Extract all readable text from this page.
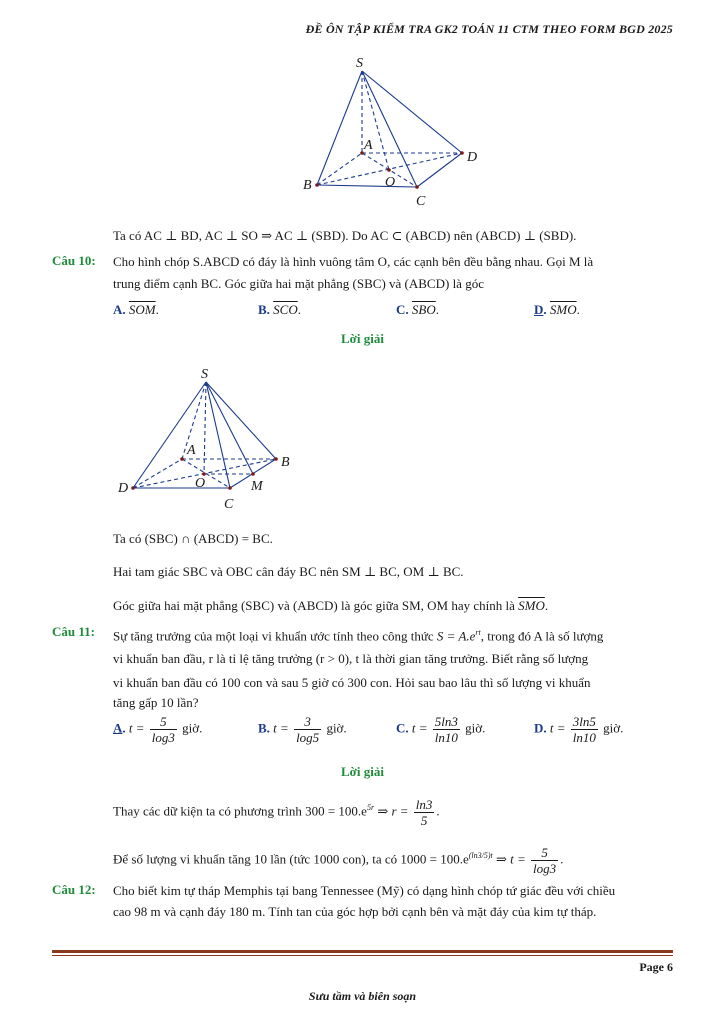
ĐỀ ÔN TẬP KIỂM TRA GK2 TOÁN 11 CTM THEO FORM BGD 2025
S
A
D
B	O
C
Ta có AC ⊥ BD, AC ⊥ SO ⇒ AC ⊥ (SBD). Do AC ⊂ (ABCD) nên (ABCD) ⊥ (SBD).
Câu 10: Cho hình chóp S.ABCD có đáy là hình vuông tâm O, các cạnh bên đều bằng nhau. Gọi M là
trung điểm cạnh BC. Góc giữa hai mặt phẳng (SBC) và (ABCD) là góc
A. $\overline{SOM}$.	B. $\overline{SCO}$.	C. $\overline{SBO}$.	D. $\overline{SMO}$.
Lời giải
S
A
B
D	O	M
C
Ta có (SBC) ∩ (ABCD) = BC.
Hai tam giác SBC và OBC cân đáy BC nên SM ⊥ BC, OM ⊥ BC.
Góc giữa hai mặt phẳng (SBC) và (ABCD) là góc giữa SM, OM hay chính là $\overline{SMO}$.
Câu 11: Sự tăng trưởng của một loại vi khuẩn ước tính theo công thức $S = A.e^{rt}$, trong đó A là số lượng
vi khuẩn ban đầu, r là tỉ lệ tăng trưởng (r > 0), t là thời gian tăng trưởng. Biết rằng số lượng
vi khuẩn ban đầu có 100 con và sau 5 giờ có 300 con. Hỏi sau bao lâu thì số lượng vi khuẩn
tăng gấp 10 lần?
A. $t = \frac{5}{\log 3}$ giờ.	B. $t = \frac{3}{\log 5}$ giờ.	C. $t = \frac{5\ln 3}{\ln 10}$ giờ.	D. $t = \frac{3\ln 5}{\ln 10}$ giờ.
Lời giải
Thay các dữ kiện ta có phương trình $300 = 100.e^{5r}$ ⇒ $r = \frac{\ln 3}{5}$ .
Để số lượng vi khuẩn tăng 10 lần (tức 1000 con), ta có $1000 = 100.e^{(ln3/5)t}$ ⇒ $t = \frac{5}{\log 3}$ .
Câu 12: Cho biết kim tự tháp Memphis tại bang Tennessee (Mỹ) có dạng hình chóp tứ giác đều với chiều
cao 98 m và cạnh đáy 180 m. Tính tan của góc hợp bởi cạnh bên và mặt đáy của kim tự tháp.
Page 6
Sưu tầm và biên soạn
